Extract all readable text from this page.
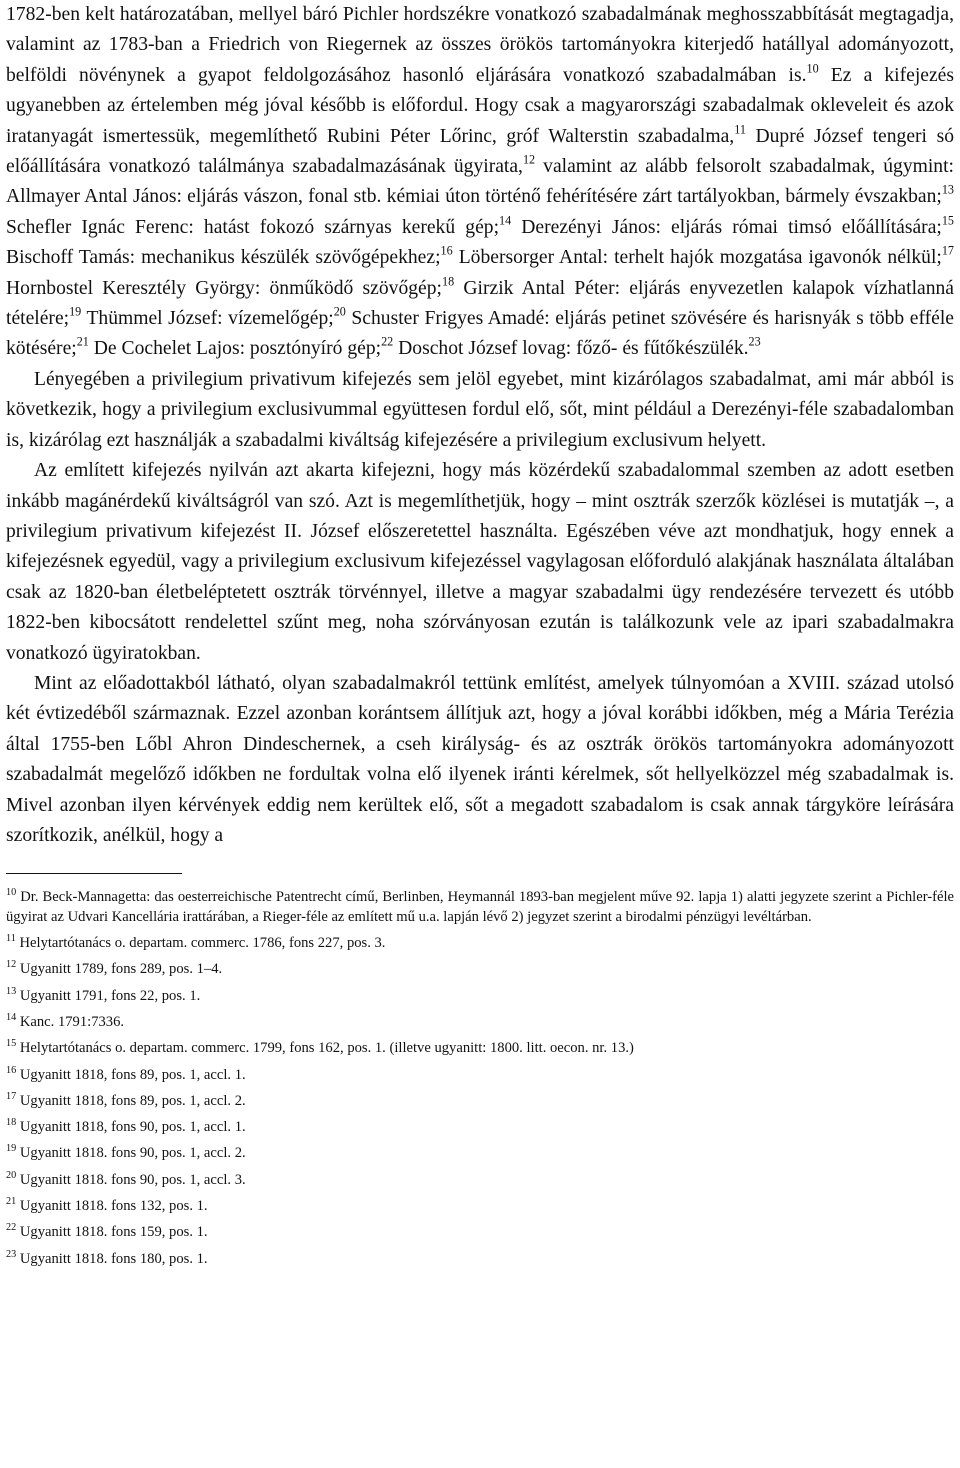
1782-ben kelt határozatában, mellyel báró Pichler hordszékre vonatkozó szabadalmának meghosszabbítását megtagadja, valamint az 1783-ban a Friedrich von Riegernek az összes örökös tartományokra kiterjedő hatállyal adományozott, belföldi növénynek a gyapot feldolgozásához hasonló eljárására vonatkozó szabadalmában is.$^{10}$ Ez a kifejezés ugyanebben az értelemben még jóval később is előfordul. Hogy csak a magyarországi szabadalmak okleveleit és azok iratanyagát ismertessük, megemlíthető Rubini Péter Lőrinc, gróf Walterstin szabadalma,$^{11}$ Dupré József tengeri só előállítására vonatkozó találmánya szabadalmazásának ügyirata,$^{12}$ valamint az alább felsorolt szabadalmak, úgymint: Allmayer Antal János: eljárás vászon, fonal stb. kémiai úton történő fehérítésére zárt tartályokban, bármely évszakban;$^{13}$ Schefler Ignác Ferenc: hatást fokozó szárnyas kerekű gép;$^{14}$ Derezényi János: eljárás római timsó előállítására;$^{15}$ Bischoff Tamás: mechanikus készülék szövőgépekhez;$^{16}$ Löbersorger Antal: terhelt hajók mozgatása igavonók nélkül;$^{17}$ Hornbostel Keresztély György: önműködő szövőgép;$^{18}$ Girzik Antal Péter: eljárás enyvezetlen kalapok vízhatlanná tételére;$^{19}$ Thümmel József: vízemelőgép;$^{20}$ Schuster Frigyes Amadé: eljárás petinet szövésére és harisnyák s több efféle kötésére;$^{21}$ De Cochelet Lajos: posztónyíró gép;$^{22}$ Doschot József lovag: főző- és fűtőkészülék.$^{23}$

Lényegében a privilegium privativum kifejezés sem jelöl egyebet, mint kizárólagos szabadalmat, ami már abból is következik, hogy a privilegium exclusivummal együttesen fordul elő, sőt, mint például a Derezényi-féle szabadalomban is, kizárólag ezt használják a szabadalmi kiváltság kifejezésére a privilegium exclusivum helyett.

Az említett kifejezés nyilván azt akarta kifejezni, hogy más közérdekű szabadalommal szemben az adott esetben inkább magánérdekű kiváltságról van szó. Azt is megemlíthetjük, hogy – mint osztrák szerzők közlései is mutatják –, a privilegium privativum kifejezést II. József előszeretettel használta. Egészében véve azt mondhatjuk, hogy ennek a kifejezésnek egyedül, vagy a privilegium exclusivum kifejezéssel vagylagosan előforduló alakjának használata általában csak az 1820-ban életbeléptetett osztrák törvénnyel, illetve a magyar szabadalmi ügy rendezésére tervezett és utóbb 1822-ben kibocsátott rendelettel szűnt meg, noha szórványosan ezután is találkozunk vele az ipari szabadalmakra vonatkozó ügyiratokban.

Mint az előadottakból látható, olyan szabadalmakról tettünk említést, amelyek túlnyomóan a XVIII. század utolsó két évtizedéből származnak. Ezzel azonban korántsem állítjuk azt, hogy a jóval korábbi időkben, még a Mária Terézia által 1755-ben Lőbl Ahron Dindeschernek, a cseh királyság- és az osztrák örökös tartományokra adományozott szabadalmát megelőző időkben ne fordultak volna elő ilyenek iránti kérelmek, sőt hellyelközzel még szabadalmak is. Mivel azonban ilyen kérvények eddig nem kerültek elő, sőt a megadott szabadalom is csak annak tárgyköre leírására szorítkozik, anélkül, hogy a

$^{10}$ Dr. Beck-Mannagetta: das oesterreichische Patentrecht című, Berlinben, Heymannál 1893-ban megjelent műve 92. lapja 1) alatti jegyzete szerint a Pichler-féle ügyirat az Udvari Kancellária irattárában, a Rieger-féle az említett mű u.a. lapján lévő 2) jegyzet szerint a birodalmi pénzügyi levéltárban.
$^{11}$ Helytartótanács o. departam. commerc. 1786, fons 227, pos. 3.
$^{12}$ Ugyanitt 1789, fons 289, pos. 1–4.
$^{13}$ Ugyanitt 1791, fons 22, pos. 1.
$^{14}$ Kanc. 1791:7336.
$^{15}$ Helytartótanács o. departam. commerc. 1799, fons 162, pos. 1. (illetve ugyanitt: 1800. litt. oecon. nr. 13.)
$^{16}$ Ugyanitt 1818, fons 89, pos. 1, accl. 1.
$^{17}$ Ugyanitt 1818, fons 89, pos. 1, accl. 2.
$^{18}$ Ugyanitt 1818, fons 90, pos. 1, accl. 1.
$^{19}$ Ugyanitt 1818. fons 90, pos. 1, accl. 2.
$^{20}$ Ugyanitt 1818. fons 90, pos. 1, accl. 3.
$^{21}$ Ugyanitt 1818. fons 132, pos. 1.
$^{22}$ Ugyanitt 1818. fons 159, pos. 1.
$^{23}$ Ugyanitt 1818. fons 180, pos. 1.
